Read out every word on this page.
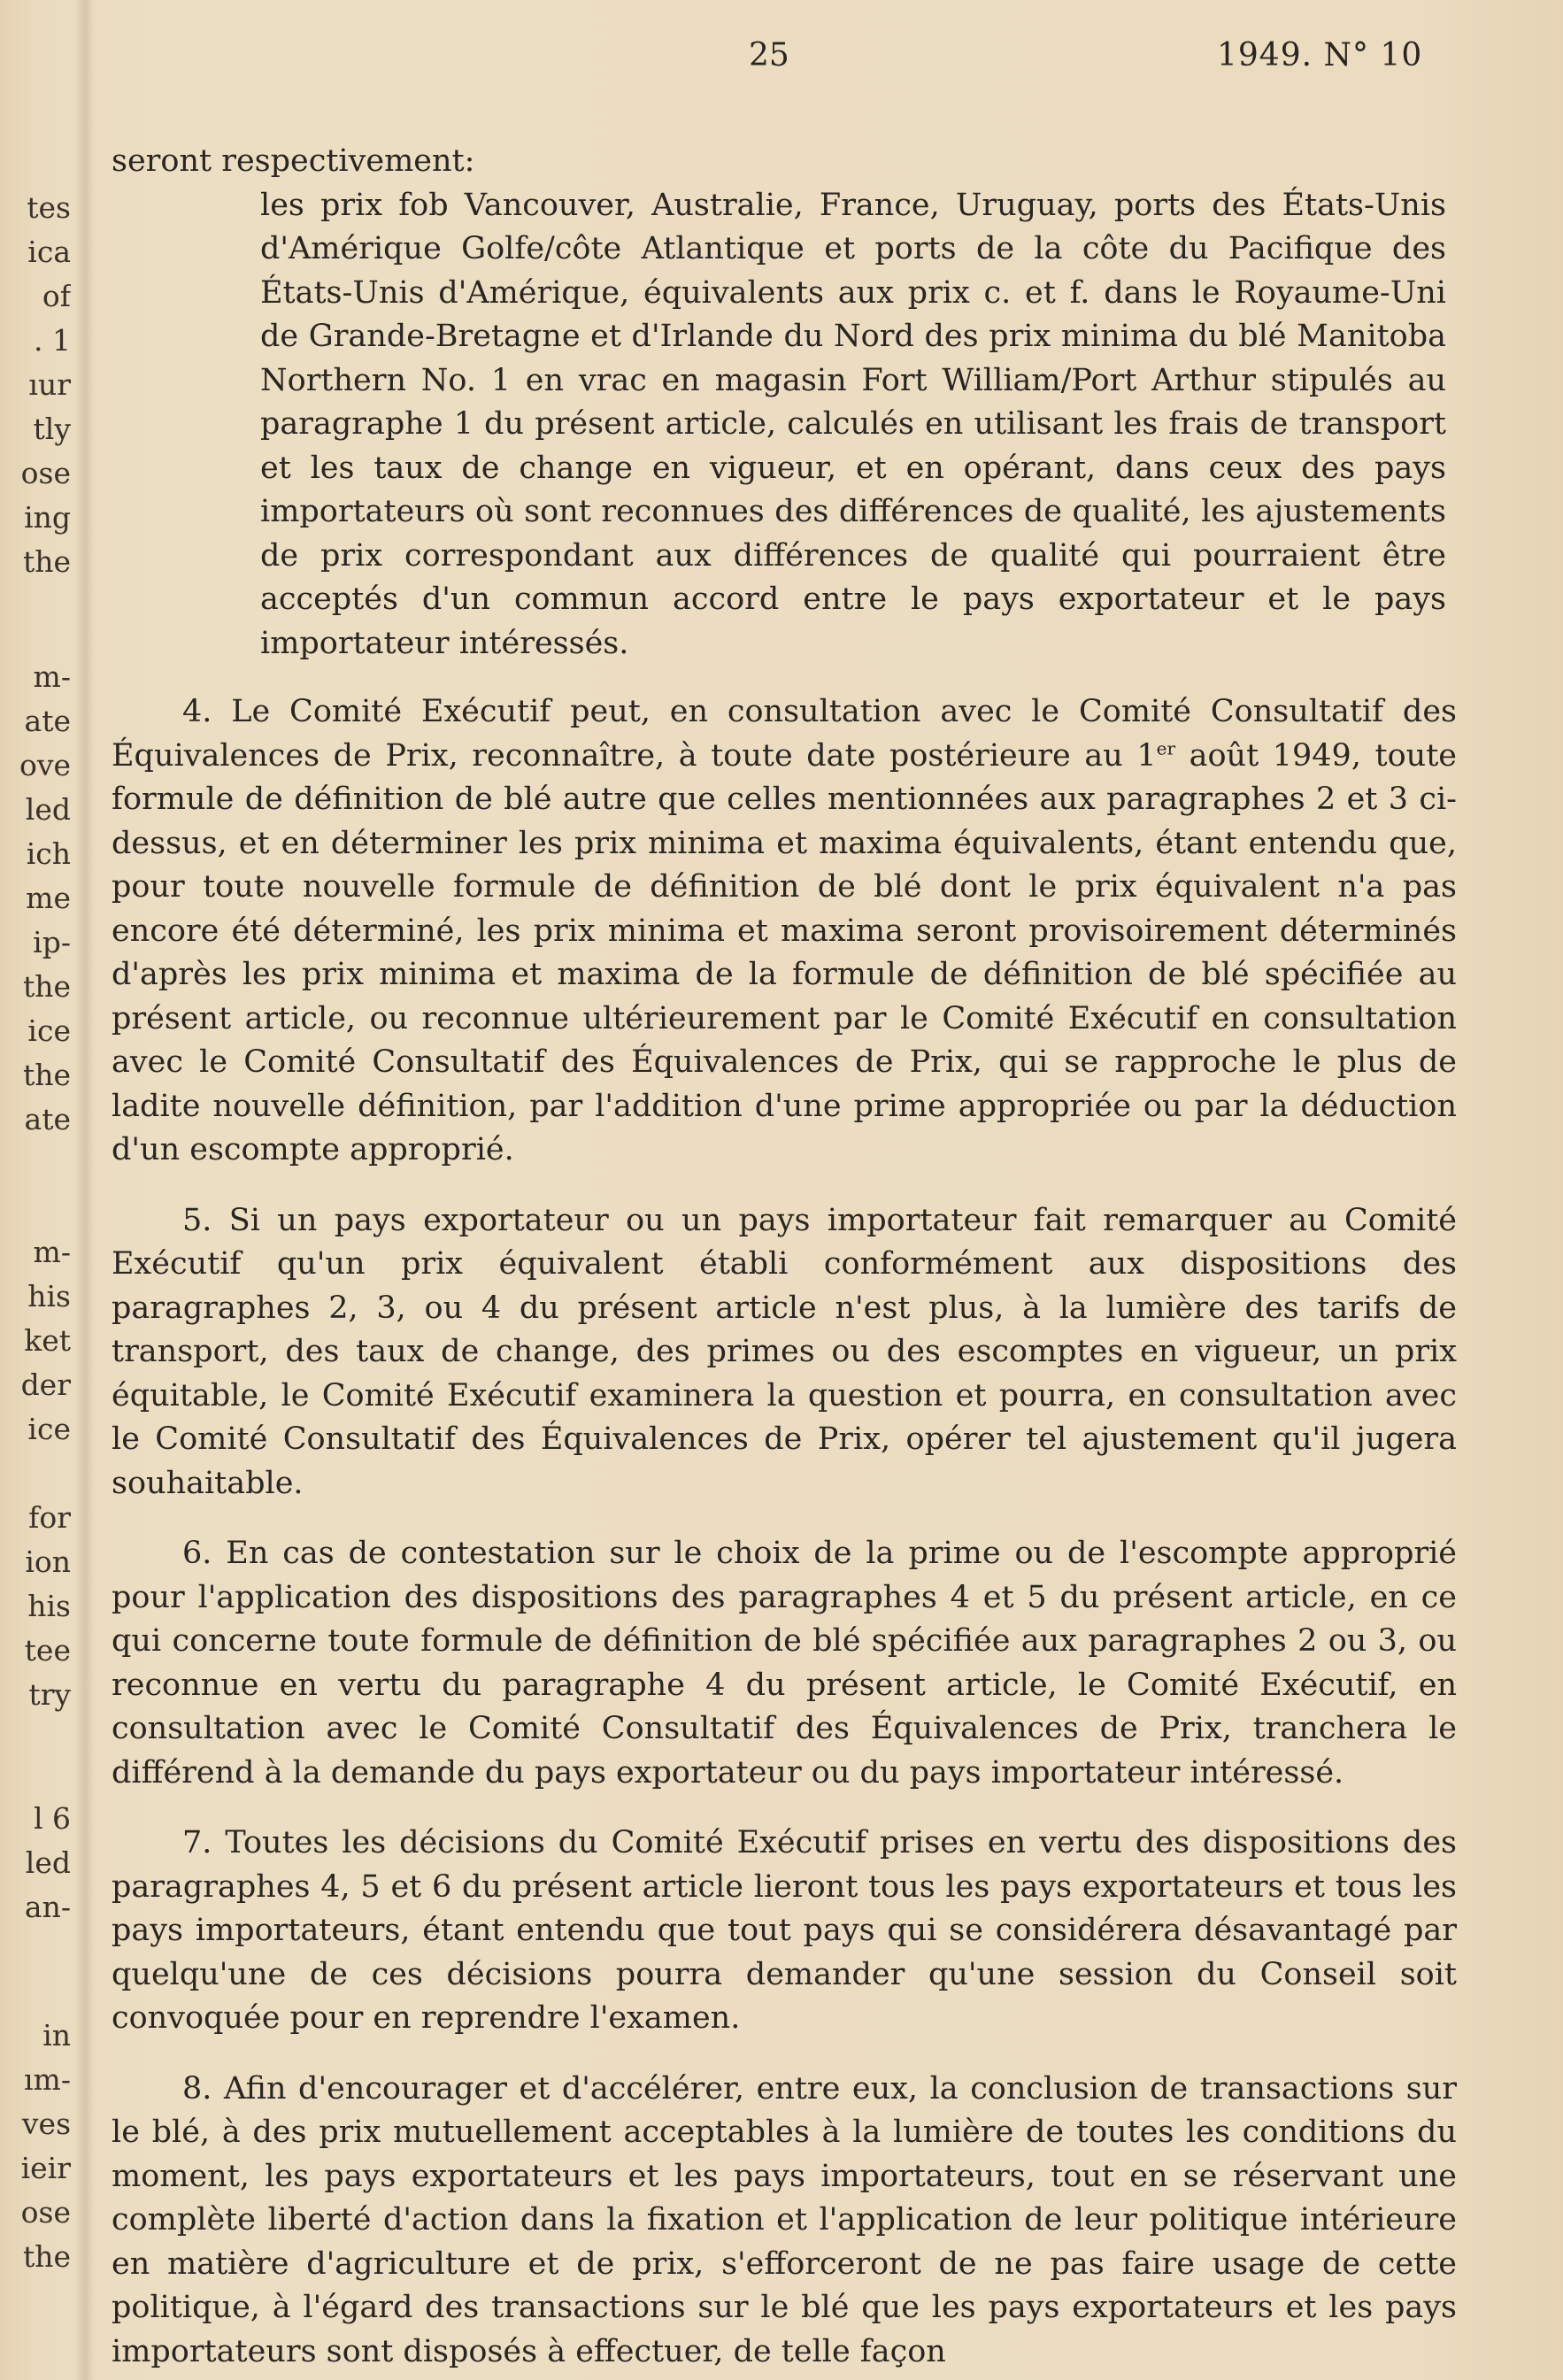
tes
ica
of
. 1
ıur
tly
ose
ing
the
m-
ate
ove
led
ich
me
ip-
the
ice
the
ate
m-
his
ket
der
ice
for
ion
his
tee
try
l 6
led
an-
in
ım-
ves
ieir
ose
the
25	1949. N° 10

seront respectivement:

les prix fob Vancouver, Australie, France, Uruguay, ports des États-Unis d'Amérique Golfe/côte Atlantique et ports de la côte du Pacifique des États-Unis d'Amérique, équivalents aux prix c. et f. dans le Royaume-Uni de Grande-Bretagne et d'Irlande du Nord des prix minima du blé Manitoba Northern No. 1 en vrac en magasin Fort William/Port Arthur stipulés au paragraphe 1 du présent article, calculés en utilisant les frais de transport et les taux de change en vigueur, et en opérant, dans ceux des pays importateurs où sont reconnues des différences de qualité, les ajustements de prix correspondant aux différences de qualité qui pourraient être acceptés d'un commun accord entre le pays exportateur et le pays importateur intéressés.

4. Le Comité Exécutif peut, en consultation avec le Comité Consultatif des Équivalences de Prix, reconnaître, à toute date postérieure au 1er août 1949, toute formule de définition de blé autre que celles mentionnées aux paragraphes 2 et 3 ci-dessus, et en déterminer les prix minima et maxima équivalents, étant entendu que, pour toute nouvelle formule de définition de blé dont le prix équivalent n'a pas encore été déterminé, les prix minima et maxima seront provisoirement déterminés d'après les prix minima et maxima de la formule de définition de blé spécifiée au présent article, ou reconnue ultérieurement par le Comité Exécutif en consultation avec le Comité Consultatif des Équivalences de Prix, qui se rapproche le plus de ladite nouvelle définition, par l'addition d'une prime appropriée ou par la déduction d'un escompte approprié.

5. Si un pays exportateur ou un pays importateur fait remarquer au Comité Exécutif qu'un prix équivalent établi conformément aux dispositions des paragraphes 2, 3, ou 4 du présent article n'est plus, à la lumière des tarifs de transport, des taux de change, des primes ou des escomptes en vigueur, un prix équitable, le Comité Exécutif examinera la question et pourra, en consultation avec le Comité Consultatif des Équivalences de Prix, opérer tel ajustement qu'il jugera souhaitable.

6. En cas de contestation sur le choix de la prime ou de l'escompte approprié pour l'application des dispositions des paragraphes 4 et 5 du présent article, en ce qui concerne toute formule de définition de blé spécifiée aux paragraphes 2 ou 3, ou reconnue en vertu du paragraphe 4 du présent article, le Comité Exécutif, en consultation avec le Comité Consultatif des Équivalences de Prix, tranchera le différend à la demande du pays exportateur ou du pays importateur intéressé.

7. Toutes les décisions du Comité Exécutif prises en vertu des dispositions des paragraphes 4, 5 et 6 du présent article lieront tous les pays exportateurs et tous les pays importateurs, étant entendu que tout pays qui se considérera désavantagé par quelqu'une de ces décisions pourra demander qu'une session du Conseil soit convoquée pour en reprendre l'examen.

8. Afin d'encourager et d'accélérer, entre eux, la conclusion de transactions sur le blé, à des prix mutuellement acceptables à la lumière de toutes les conditions du moment, les pays exportateurs et les pays importateurs, tout en se réservant une complète liberté d'action dans la fixation et l'application de leur politique intérieure en matière d'agriculture et de prix, s'efforceront de ne pas faire usage de cette politique, à l'égard des transactions sur le blé que les pays exportateurs et les pays importateurs sont disposés à effectuer, de telle façon
